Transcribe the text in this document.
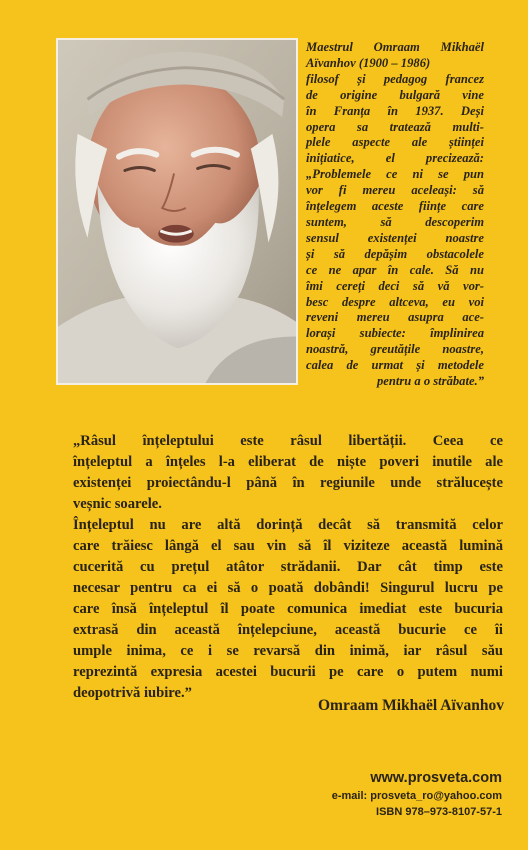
Maestrul Omraam Mikhaël
Aïvanhov (1900 – 1986)
filosof și pedagog francez
de origine bulgară vine
în Franța în 1937. Deși
opera sa tratează multi-
plele aspecte ale științei
inițiatice, el precizează:
„Problemele ce ni se pun
vor fi mereu aceleași: să
înțelegem aceste ființe care
suntem, să descoperim
sensul existenței noastre
și să depășim obstacolele
ce ne apar în cale. Să nu
îmi cereți deci să vă vor-
besc despre altceva, eu voi
reveni mereu asupra ace-
lorași subiecte: împlinirea
noastră, greutățile noastre,
calea de urmat și metodele
pentru a o străbate.”
„Râsul înțeleptului este râsul libertății. Ceea ce
înțeleptul a înțeles l-a eliberat de niște poveri inutile ale
existenței proiectându-l până în regiunile unde strălucește
veșnic soarele.
Înțeleptul nu are altă dorință decât să transmită celor
care trăiesc lângă el sau vin să îl viziteze această lumină
cucerită cu prețul atâtor strădanii. Dar cât timp este
necesar pentru ca ei să o poată dobândi! Singurul lucru pe
care însă înțeleptul îl poate comunica imediat este bucuria
extrasă din această înțelepciune, această bucurie ce îi
umple inima, ce i se revarsă din inimă, iar râsul său
reprezintă expresia acestei bucurii pe care o putem numi
deopotrivă iubire.”
Omraam Mikhaël Aïvanhov
www.prosveta.com
e-mail: prosveta_ro@yahoo.com
ISBN 978–973-8107-57-1
